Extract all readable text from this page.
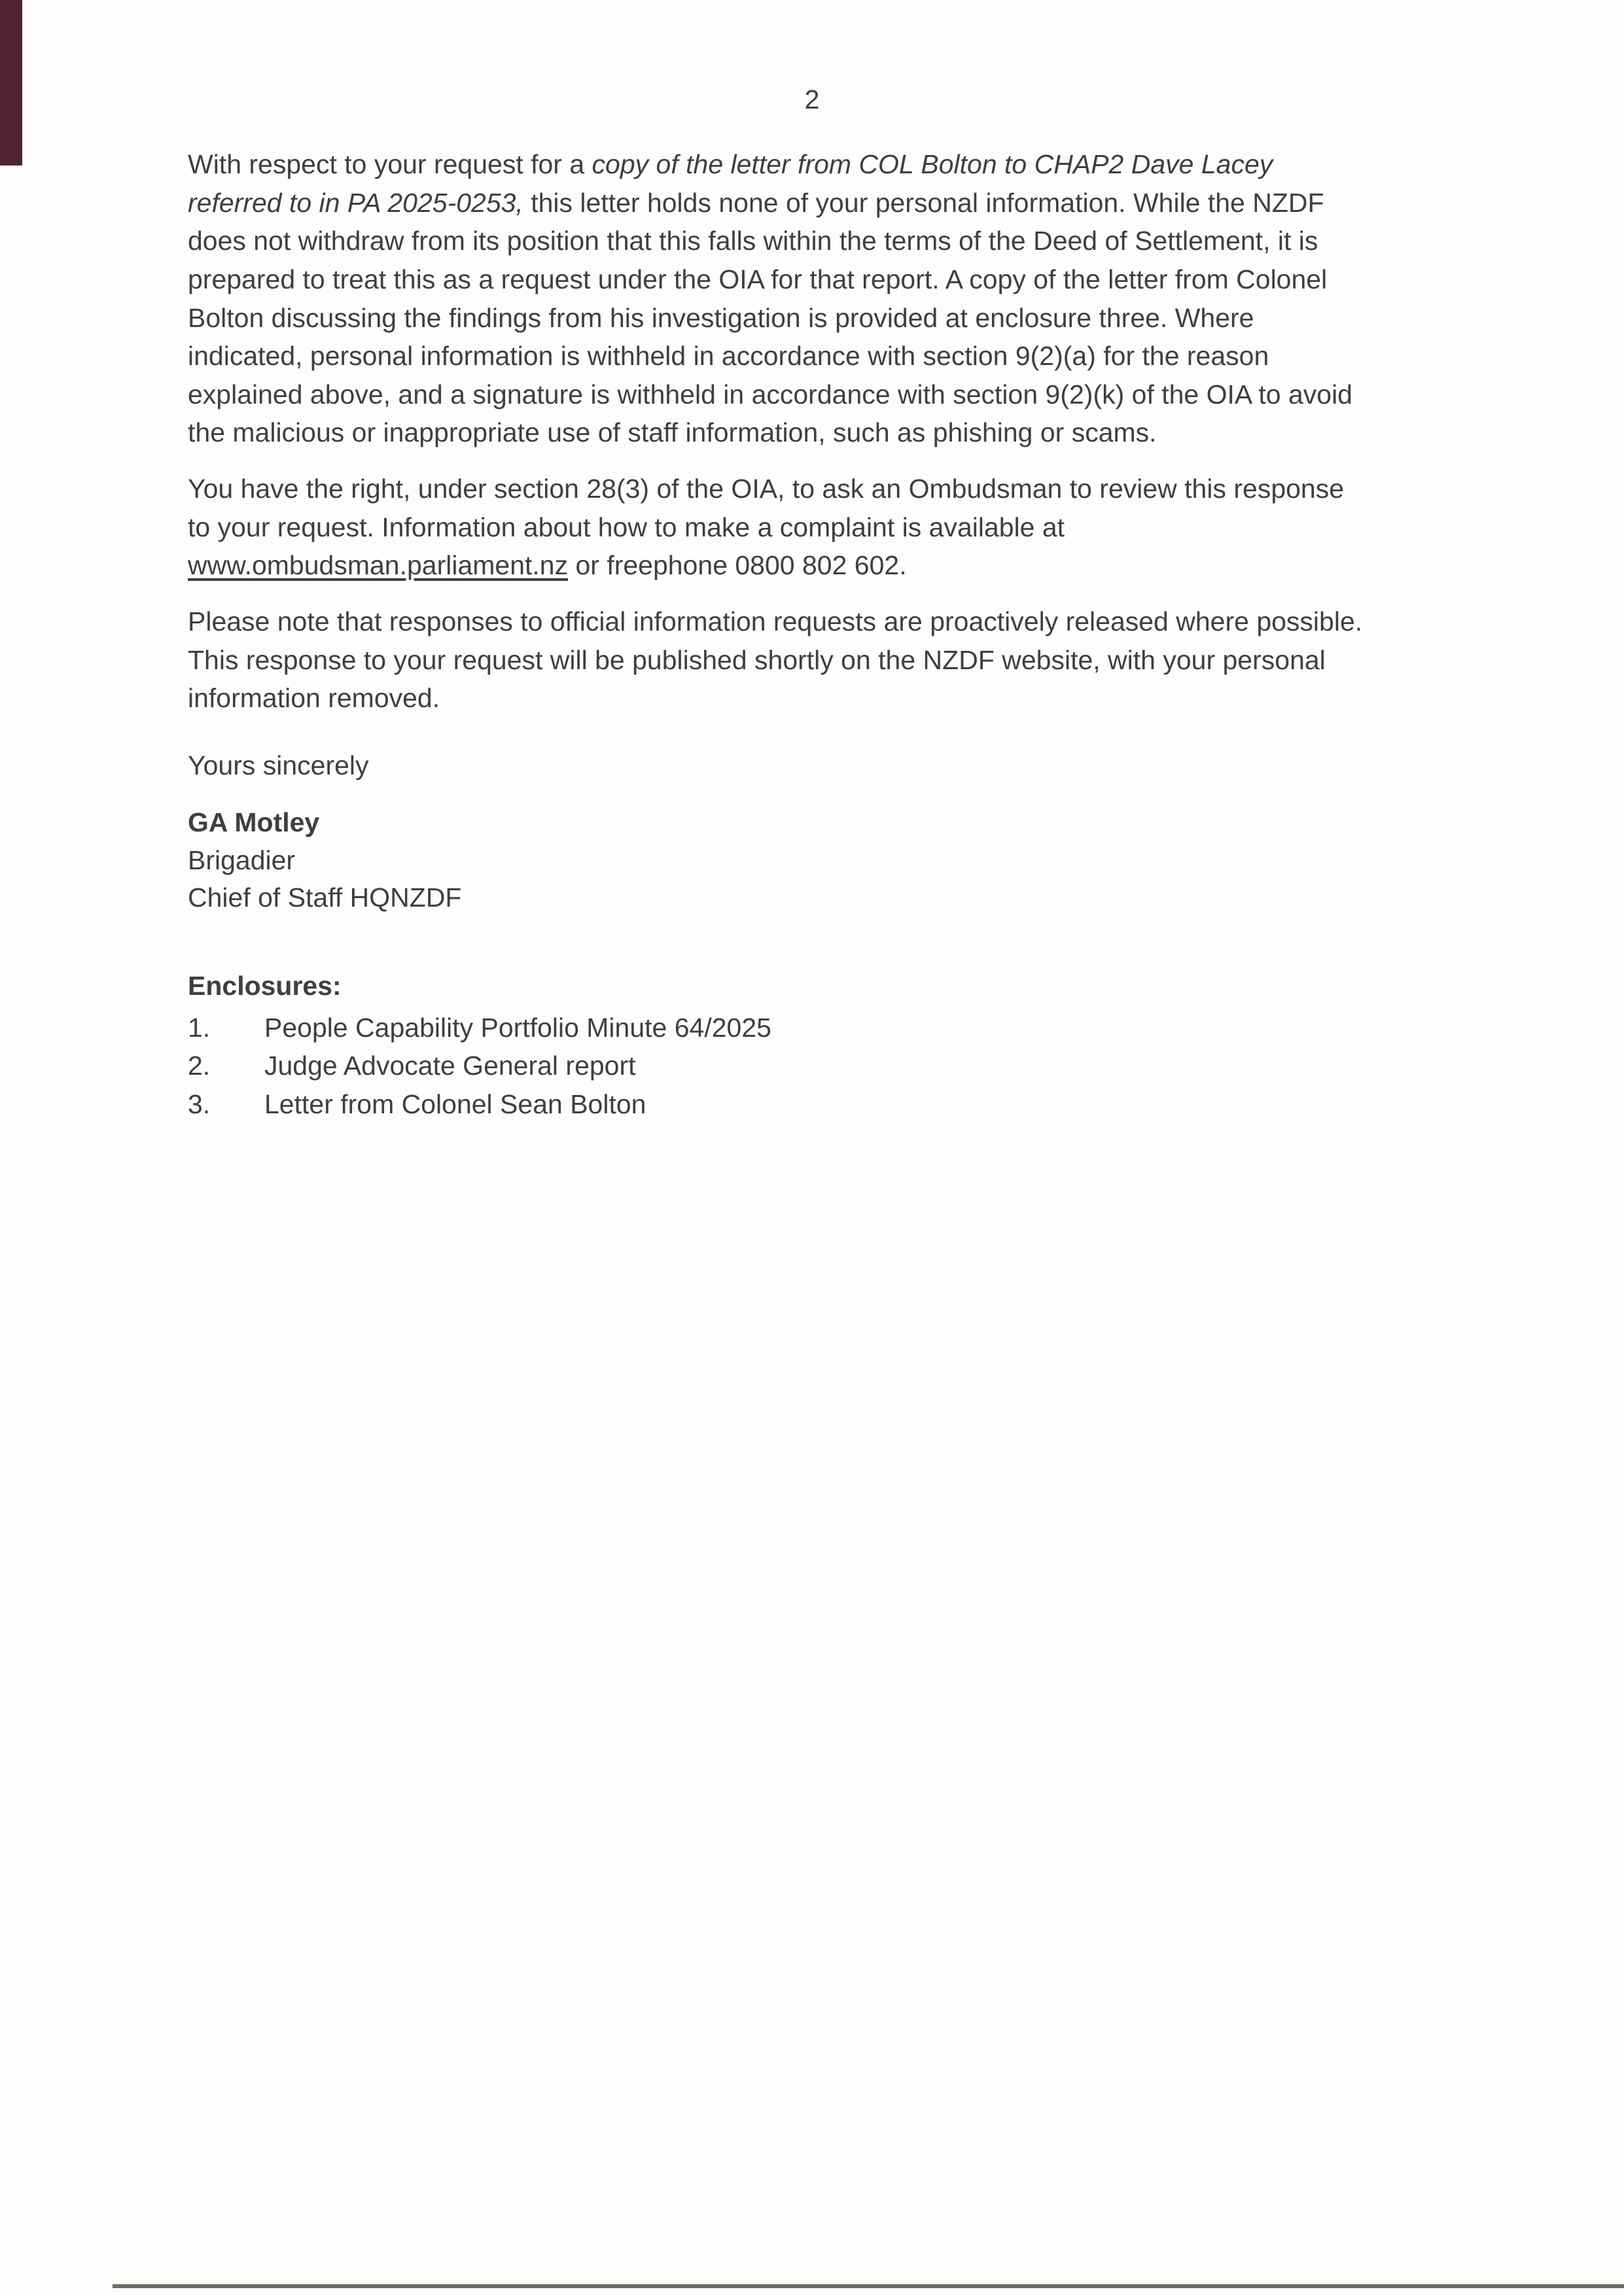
2

With respect to your request for a copy of the letter from COL Bolton to CHAP2 Dave Lacey referred to in PA 2025-0253, this letter holds none of your personal information. While the NZDF does not withdraw from its position that this falls within the terms of the Deed of Settlement, it is prepared to treat this as a request under the OIA for that report. A copy of the letter from Colonel Bolton discussing the findings from his investigation is provided at enclosure three. Where indicated, personal information is withheld in accordance with section 9(2)(a) for the reason explained above, and a signature is withheld in accordance with section 9(2)(k) of the OIA to avoid the malicious or inappropriate use of staff information, such as phishing or scams.

You have the right, under section 28(3) of the OIA, to ask an Ombudsman to review this response to your request. Information about how to make a complaint is available at www.ombudsman.parliament.nz or freephone 0800 802 602.

Please note that responses to official information requests are proactively released where possible. This response to your request will be published shortly on the NZDF website, with your personal information removed.

Yours sincerely

GA Motley
Brigadier
Chief of Staff HQNZDF
Enclosures:
1.	People Capability Portfolio Minute 64/2025
2.	Judge Advocate General report
3.	Letter from Colonel Sean Bolton
